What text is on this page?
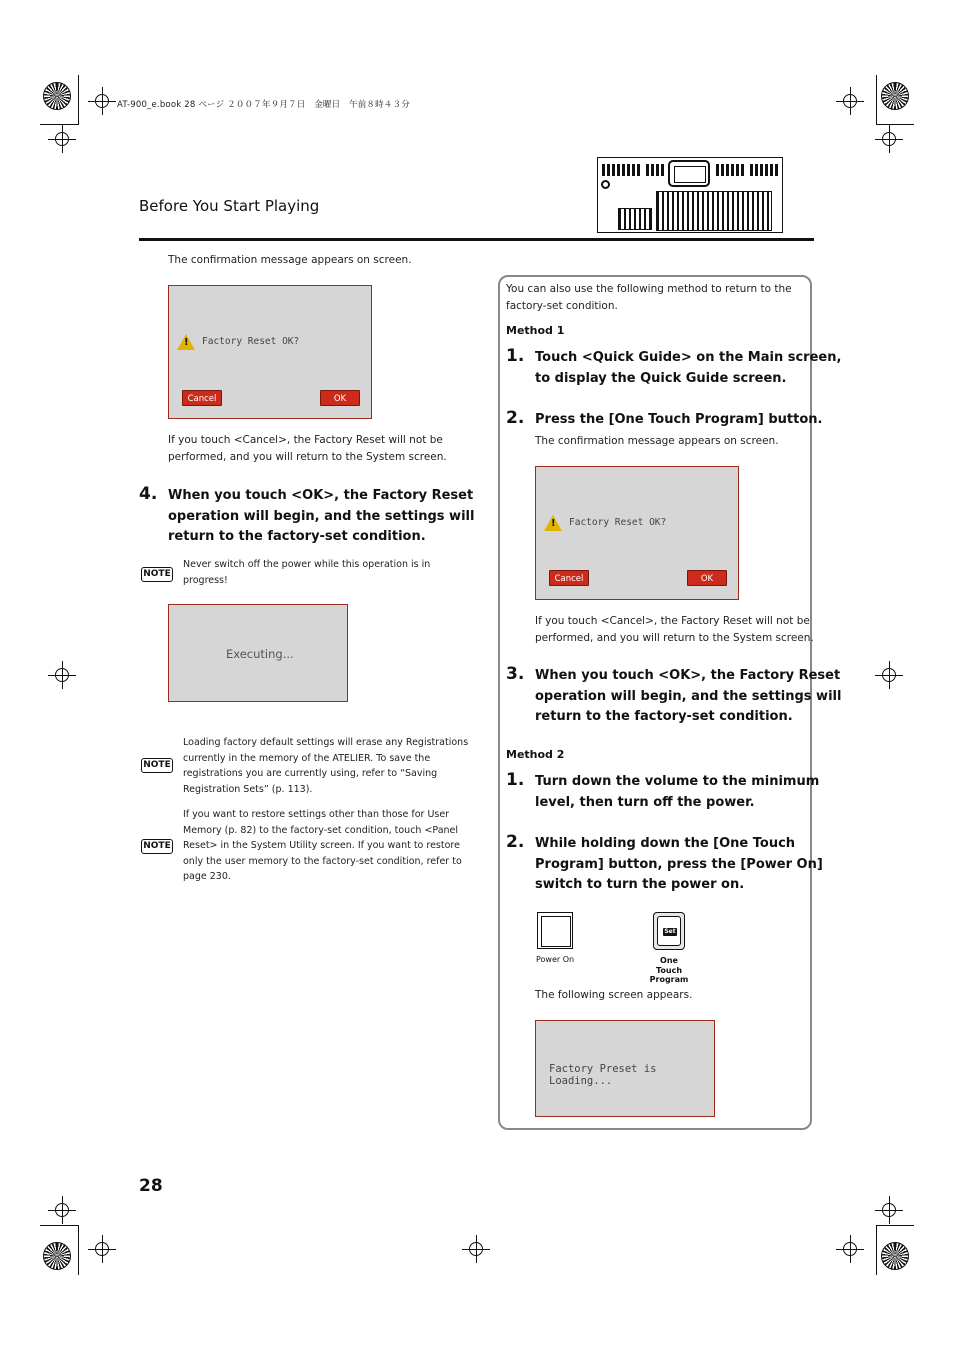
AT-900_e.book 28 ページ ２００７年９月７日　金曜日　午前８時４３分
Before You Start Playing
The confirmation message appears on screen.
! Factory Reset OK?
Cancel	OK
If you touch <Cancel>, the Factory Reset will not be
performed, and you will return to the System screen.
4. When you touch <OK>, the Factory Reset
operation will begin, and the settings will
return to the factory-set condition.
NOTE
Never switch off the power while this operation is in
progress!
Executing...
NOTE
Loading factory default settings will erase any Registrations
currently in the memory of the ATELIER. To save the
registrations you are currently using, refer to “Saving
Registration Sets” (p. 113).
NOTE
If you want to restore settings other than those for User
Memory (p. 82) to the factory-set condition, touch <Panel
Reset> in the System Utility screen. If you want to restore
only the user memory to the factory-set condition, refer to
page 230.
You can also use the following method to return to the
factory-set condition.
Method 1
1. Touch <Quick Guide> on the Main screen,
to display the Quick Guide screen.
2. Press the [One Touch Program] button.
The confirmation message appears on screen.
! Factory Reset OK?
Cancel	OK
If you touch <Cancel>, the Factory Reset will not be
performed, and you will return to the System screen.
3. When you touch <OK>, the Factory Reset
operation will begin, and the settings will
return to the factory-set condition.
Method 2
1. Turn down the volume to the minimum
level, then turn off the power.
2. While holding down the [One Touch
Program] button, press the [Power On]
switch to turn the power on.
Power On
Set
One Touch
Program
The following screen appears.
Factory Preset is Loading...
28
